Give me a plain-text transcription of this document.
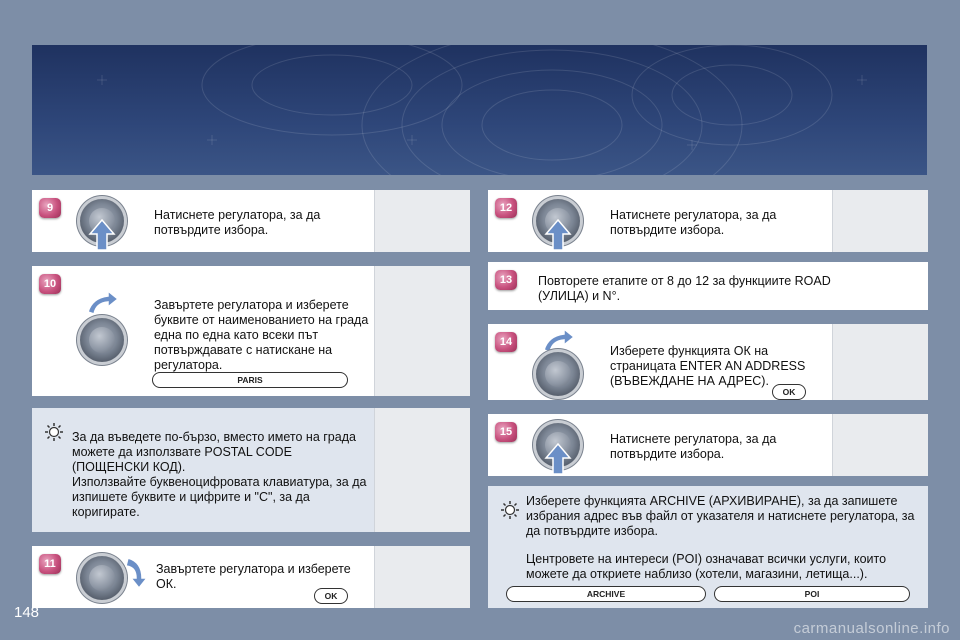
9	Натиснете регулатора, за да потвърдите избора.
10
Завъртете регулатора и изберете буквите от наименованието на града една по една като всеки път потвърждавате с натискане на регулатора.
PARIS
За да въведете по-бързо, вместо името на града можете да използвате POSTAL CODE (ПОЩЕНСКИ КОД).
Използвайте буквеноцифровата клавиатура, за да изпишете буквите и цифрите и "C", за да коригирате.
11	Завъртете регулатора и изберете ОК.
OK
12	Натиснете регулатора, за да потвърдите избора.
13	Повторете етапите от 8 до 12 за функциите ROAD (УЛИЦА) и N°.
14
Изберете функцията ОК на страницата ENTER AN ADDRESS (ВЪВЕЖДАНЕ НА АДРЕС).
OK
15	Натиснете регулатора, за да потвърдите избора.
Изберете функцията ARCHIVE (АРХИВИРАНЕ), за да запишете избрания адрес във файл от указателя и натиснете регулатора, за да потвърдите избора.
Центровете на интереси (POI) означават всички услуги, които можете да откриете наблизо (хотели, магазини, летища...).
ARCHIVE	POI
148
carmanualsonline.info
